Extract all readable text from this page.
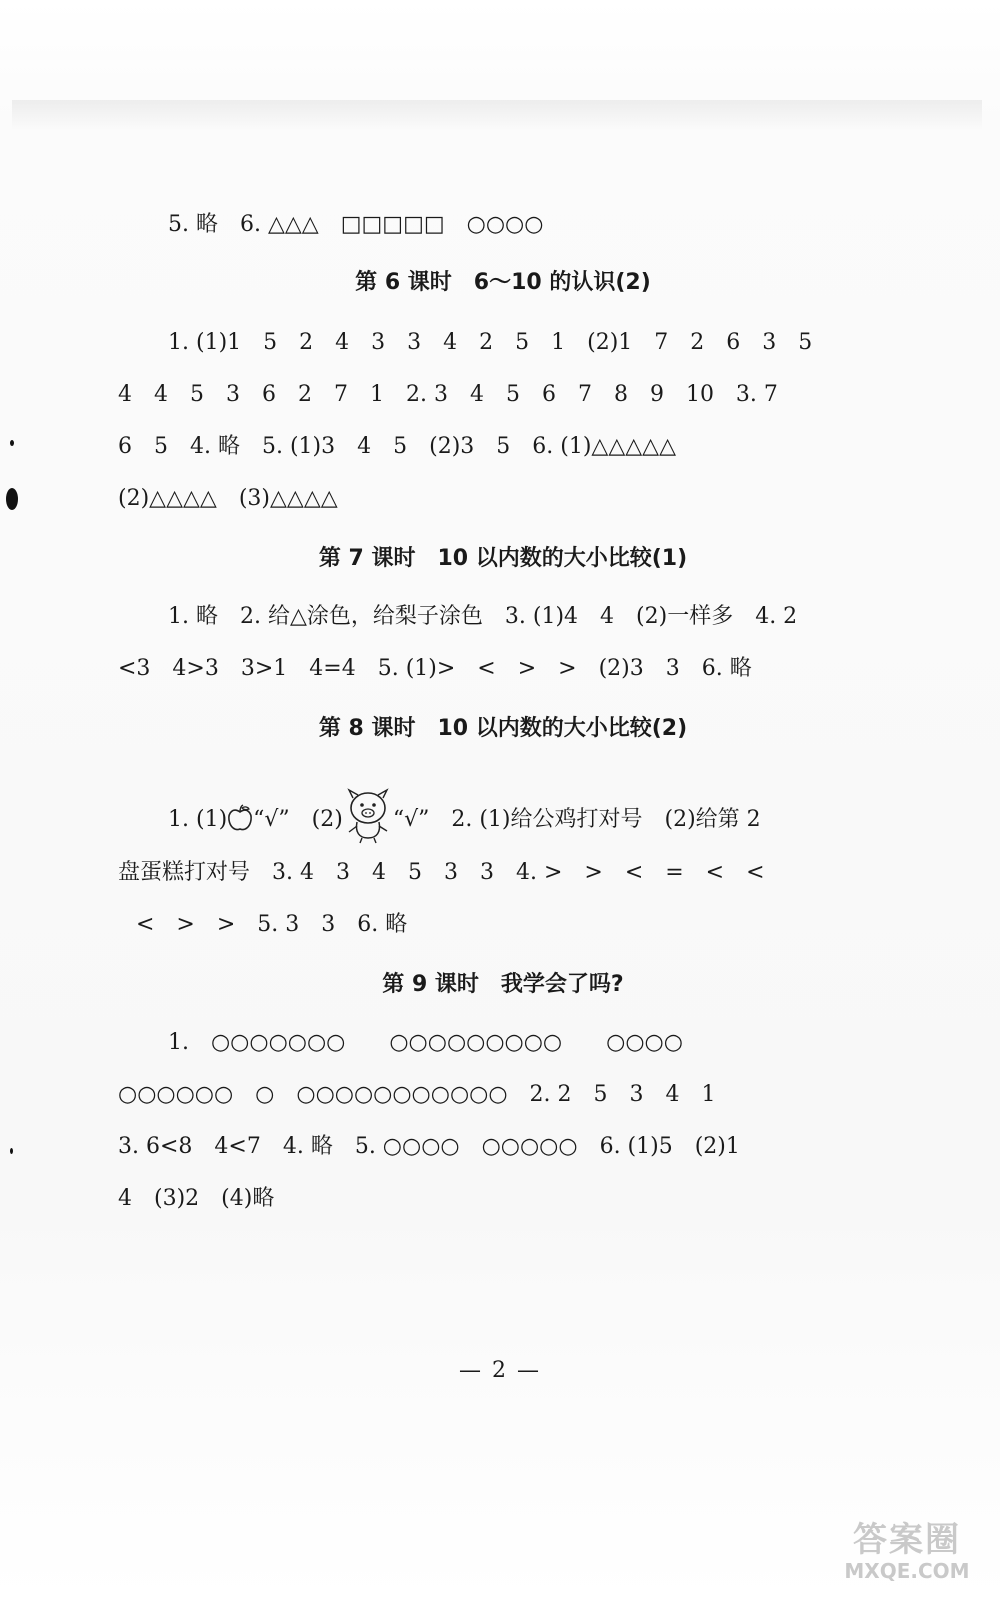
5. 略　6. △△△　□□□□□　○○○○

第 6 课时　6～10 的认识(2)

1. (1)1　5　2　4　3　3　4　2　5　1　(2)1　7　2　6　3　5

4　4　5　3　6　2　7　1　2. 3　4　5　6　7　8　9　10　3. 7

6　5　4. 略　5. (1)3　4　5　(2)3　5　6. (1)△△△△△

(2)△△△△　(3)△△△△

第 7 课时　10 以内数的大小比较(1)

1. 略　2. 给△涂色，给梨子涂色　3. (1)4　4　(2)一样多　4. 2

<3　4>3　3>1　4=4　5. (1)>　<　>　>　(2)3　3　6. 略

第 8 课时　10 以内数的大小比较(2)

1. (1) “√”　(2) “√”　2. (1)给公鸡打对号　(2)给第 2

盘蛋糕打对号　3. 4　3　4　5　3　3　4. >　>　<　=　<　<

<　>　>　5. 3　3　6. 略

第 9 课时　我学会了吗?

1.　○○○○○○○　　○○○○○○○○○　　○○○○

○○○○○○　○　○○○○○○○○○○○　2. 2　5　3　4　1

3. 6<8　4<7　4. 略　5. ○○○○　○○○○○　6. (1)5　(2)1

4　(3)2　(4)略

— 2 —
答案圈
MXQE.COM
